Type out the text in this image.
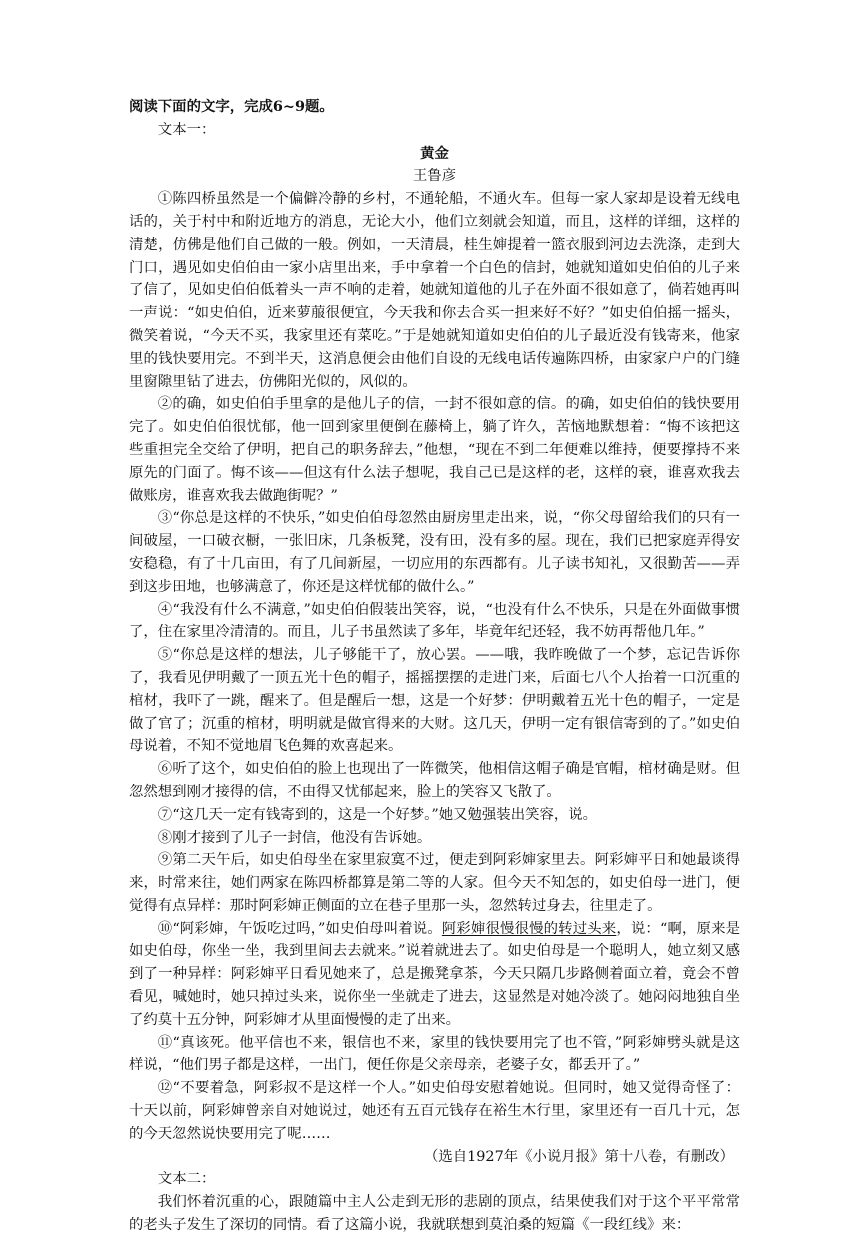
阅读下面的文字，完成6~9题。

文本一：

黄金

王鲁彦

①陈四桥虽然是一个偏僻冷静的乡村，不通轮船，不通火车。但每一家人家却是设着无线电话的，关于村中和附近地方的消息，无论大小，他们立刻就会知道，而且，这样的详细，这样的清楚，仿佛是他们自己做的一般。例如，一天清晨，桂生婶提着一篮衣服到河边去洗涤，走到大门口，遇见如史伯伯由一家小店里出来，手中拿着一个白色的信封，她就知道如史伯伯的儿子来了信了，见如史伯伯低着头一声不响的走着，她就知道他的儿子在外面不很如意了，倘若她再叫一声说：“如史伯伯，近来萝菔很便宜，今天我和你去合买一担来好不好？”如史伯伯摇一摇头，微笑着说，“今天不买，我家里还有菜吃。”于是她就知道如史伯伯的儿子最近没有钱寄来，他家里的钱快要用完。不到半天，这消息便会由他们自设的无线电话传遍陈四桥，由家家户户的门缝里窗隙里钻了进去，仿佛阳光似的，风似的。

②的确，如史伯伯手里拿的是他儿子的信，一封不很如意的信。的确，如史伯伯的钱快要用完了。如史伯伯很忧郁，他一回到家里便倒在藤椅上，躺了许久，苦恼地默想着：“悔不该把这些重担完全交给了伊明，把自己的职务辞去，”他想，“现在不到二年便难以维持，便要撑持不来原先的门面了。悔不该——但这有什么法子想呢，我自己已是这样的老，这样的衰，谁喜欢我去做账房，谁喜欢我去做跑街呢？”

③“你总是这样的不快乐，”如史伯伯母忽然由厨房里走出来，说，“你父母留给我们的只有一间破屋，一口破衣橱，一张旧床，几条板凳，没有田，没有多的屋。现在，我们已把家庭弄得安安稳稳，有了十几亩田，有了几间新屋，一切应用的东西都有。儿子读书知礼，又很勤苦——弄到这步田地，也够满意了，你还是这样忧郁的做什么。”

④“我没有什么不满意，”如史伯伯假装出笑容，说，“也没有什么不快乐，只是在外面做事惯了，住在家里冷清清的。而且，儿子书虽然读了多年，毕竟年纪还轻，我不妨再帮他几年。”

⑤“你总是这样的想法，儿子够能干了，放心罢。——哦，我昨晚做了一个梦，忘记告诉你了，我看见伊明戴了一顶五光十色的帽子，摇摇摆摆的走进门来，后面七八个人抬着一口沉重的棺材，我吓了一跳，醒来了。但是醒后一想，这是一个好梦：伊明戴着五光十色的帽子，一定是做了官了；沉重的棺材，明明就是做官得来的大财。这几天，伊明一定有银信寄到的了。”如史伯母说着，不知不觉地眉飞色舞的欢喜起来。

⑥听了这个，如史伯伯的脸上也现出了一阵微笑，他相信这帽子确是官帽，棺材确是财。但忽然想到刚才接得的信，不由得又忧郁起来，脸上的笑容又飞散了。

⑦“这几天一定有钱寄到的，这是一个好梦。”她又勉强装出笑容，说。

⑧刚才接到了儿子一封信，他没有告诉她。

⑨第二天午后，如史伯母坐在家里寂寞不过，便走到阿彩婶家里去。阿彩婶平日和她最谈得来，时常来往，她们两家在陈四桥都算是第二等的人家。但今天不知怎的，如史伯母一进门，便觉得有点异样：那时阿彩婶正侧面的立在巷子里那一头，忽然转过身去，往里走了。

⑩“阿彩婶，午饭吃过吗，”如史伯母叫着说。阿彩婶很慢很慢的转过头来，说：“啊，原来是如史伯母，你坐一坐，我到里间去去就来。”说着就进去了。如史伯母是一个聪明人，她立刻又感到了一种异样：阿彩婶平日看见她来了，总是搬凳拿茶，今天只隔几步路侧着面立着，竟会不曾看见，喊她时，她只掉过头来，说你坐一坐就走了进去，这显然是对她冷淡了。她闷闷地独自坐了约莫十五分钟，阿彩婶才从里面慢慢的走了出来。

⑪“真该死。他平信也不来，银信也不来，家里的钱快要用完了也不管，”阿彩婶劈头就是这样说，“他们男子都是这样，一出门，便任你是父亲母亲，老婆子女，都丢开了。”

⑫“不要着急，阿彩叔不是这样一个人。”如史伯母安慰着她说。但同时，她又觉得奇怪了：十天以前，阿彩婶曾亲自对她说过，她还有五百元钱存在裕生木行里，家里还有一百几十元，怎的今天忽然说快要用完了呢……

（选自1927年《小说月报》第十八卷，有删改）

文本二：

我们怀着沉重的心，跟随篇中主人公走到无形的悲剧的顶点，结果使我们对于这个平平常常的老头子发生了深切的同情。看了这篇小说，我就联想到莫泊桑的短篇《一段红线》来：
